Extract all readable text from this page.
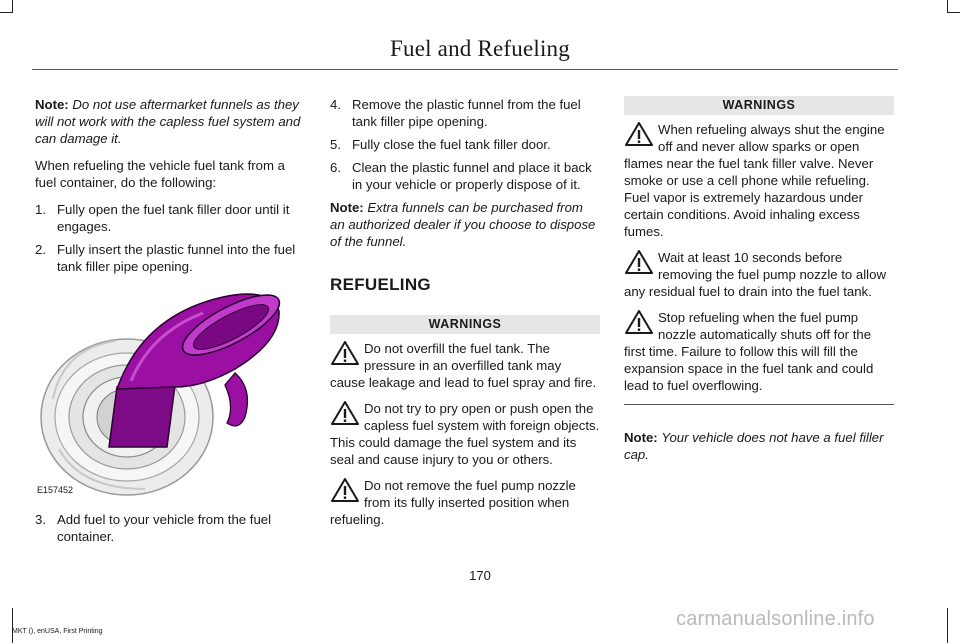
Fuel and Refueling

Note: Do not use aftermarket funnels as they will not work with the capless fuel system and can damage it.

When refueling the vehicle fuel tank from a fuel container, do the following:

1. Fully open the fuel tank filler door until it engages.
2. Fully insert the plastic funnel into the fuel tank filler pipe opening.
E157452
3. Add fuel to your vehicle from the fuel container.
4. Remove the plastic funnel from the fuel tank filler pipe opening.
5. Fully close the fuel tank filler door.
6. Clean the plastic funnel and place it back in your vehicle or properly dispose of it.

Note: Extra funnels can be purchased from an authorized dealer if you choose to dispose of the funnel.

REFUELING
WARNINGS
Do not overfill the fuel tank. The pressure in an overfilled tank may cause leakage and lead to fuel spray and fire.
Do not try to pry open or push open the capless fuel system with foreign objects. This could damage the fuel system and its seal and cause injury to you or others.
Do not remove the fuel pump nozzle from its fully inserted position when refueling.
WARNINGS
When refueling always shut the engine off and never allow sparks or open flames near the fuel tank filler valve. Never smoke or use a cell phone while refueling. Fuel vapor is extremely hazardous under certain conditions. Avoid inhaling excess fumes.
Wait at least 10 seconds before removing the fuel pump nozzle to allow any residual fuel to drain into the fuel tank.
Stop refueling when the fuel pump nozzle automatically shuts off for the first time. Failure to follow this will fill the expansion space in the fuel tank and could lead to fuel overflowing.

Note: Your vehicle does not have a fuel filler cap.

170
MKT (), enUSA, First Printing
carmanualsonline.info
